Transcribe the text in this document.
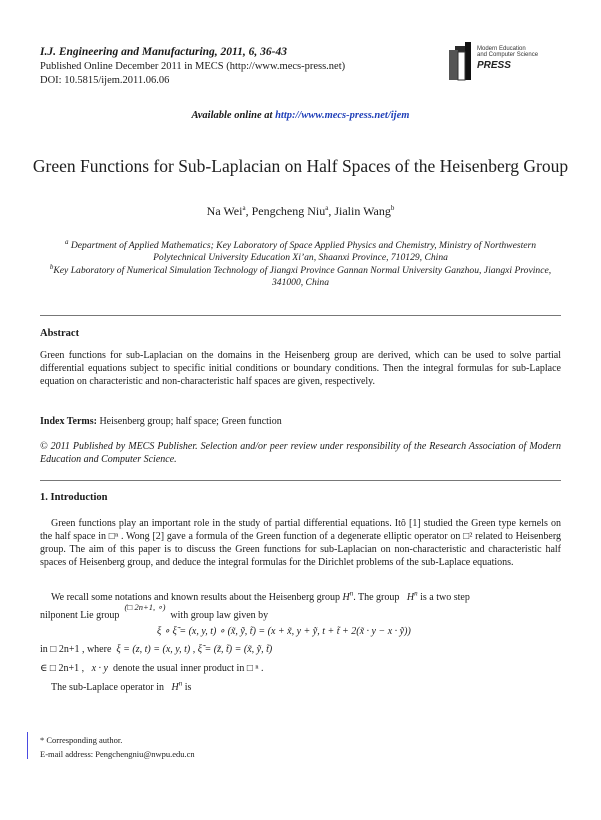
I.J. Engineering and Manufacturing, 2011, 6, 36-43
Published Online December 2011 in MECS (http://www.mecs-press.net)
DOI: 10.5815/ijem.2011.06.06
Modern Education
and Computer Science
PRESS
Available online at http://www.mecs-press.net/ijem
Green Functions for Sub-Laplacian on Half Spaces of the Heisenberg Group
Na Wei$^a$, Pengcheng Niu$^a$, Jialin Wang$^b$
$^a$ Department of Applied Mathematics; Key Laboratory of Space Applied Physics and Chemistry, Ministry of Northwestern Polytechnical University Education Xi’an, Shaanxi Province, 710129, China
$^b$Key Laboratory of Numerical Simulation Technology of Jiangxi Province Gannan Normal University Ganzhou, Jiangxi Province, 341000, China
Abstract
Green functions for sub-Laplacian on the domains in the Heisenberg group are derived, which can be used to solve partial differential equations subject to specific initial conditions or boundary conditions. Then the integral formulas for sub-Laplace equation on characteristic and non-characteristic half spaces are given, respectively.
Index Terms: Heisenberg group; half space; Green function
© 2011 Published by MECS Publisher. Selection and/or peer review under responsibility of the Research Association of Modern Education and Computer Science.
1. Introduction
Green functions play an important role in the study of partial differential equations. Itô [1] studied the Green type kernels on the half space in □ⁿ . Wong [2] gave a formula of the Green function of a degenerate elliptic operator on □² related to Heisenberg group. The aim of this paper is to discuss the Green functions for sub-Laplacian on non-characteristic and characteristic half spaces of Heisenberg group, and deduce the integral formulas for the Dirichlet problems of the sub-Laplace equations.
We recall some notations and known results about the Heisenberg group $H^n$. The group $H^n$ is a two step
nilponent Lie group  $^{(□ 2n+1, \circ)}$  with group law given by
ξ ∘ ξ̃ = (x, y, t) ∘ (x̃, ỹ, t̃) = (x + x̃, y + ỹ, t + t̃ + 2(x̃ · y − x · ỹ))
in □ 2n+1 , where ξ = (z, t) = (x, y, t) , ξ̃ = (z̃, t̃) = (x̃, ỹ, t̃)
∈ □ 2n+1 , x · y denote the usual inner product in □ ⁿ .
The sub-Laplace operator in $H^n$ is
* Corresponding author.
E-mail address: Pengchengniu@nwpu.edu.cn
